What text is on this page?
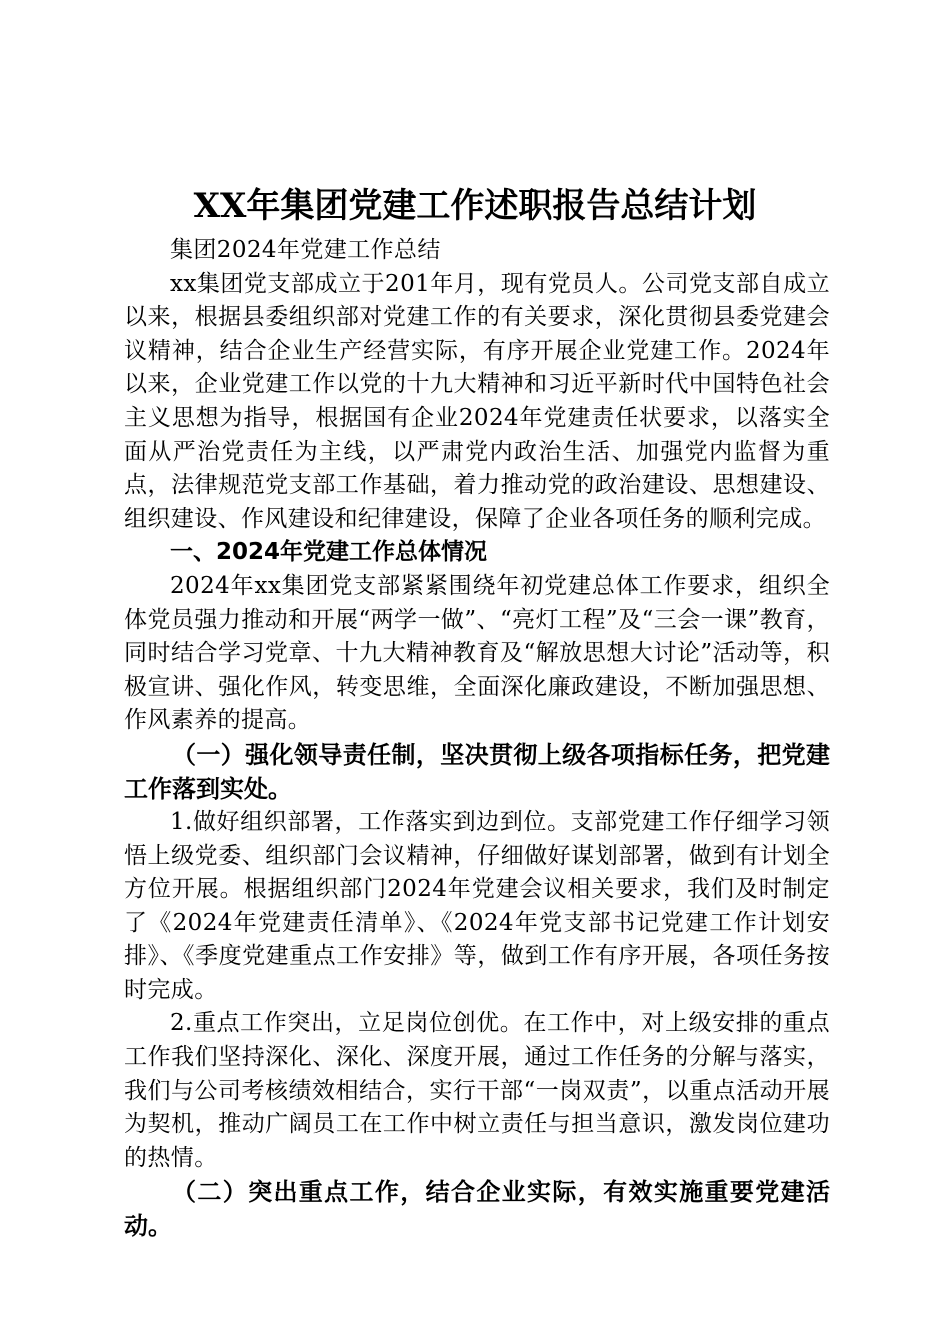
XX年集团党建工作述职报告总结计划

集团2024年党建工作总结

xx集团党支部成立于201年月，现有党员人。公司党支部自成立以来，根据县委组织部对党建工作的有关要求，深化贯彻县委党建会议精神，结合企业生产经营实际，有序开展企业党建工作。2024年以来，企业党建工作以党的十九大精神和习近平新时代中国特色社会主义思想为指导，根据国有企业2024年党建责任状要求，以落实全面从严治党责任为主线，以严肃党内政治生活、加强党内监督为重点，法律规范党支部工作基础，着力推动党的政治建设、思想建设、组织建设、作风建设和纪律建设，保障了企业各项任务的顺利完成。

一、2024年党建工作总体情况

2024年xx集团党支部紧紧围绕年初党建总体工作要求，组织全体党员强力推动和开展“两学一做”、“亮灯工程”及“三会一课”教育，同时结合学习党章、十九大精神教育及“解放思想大讨论”活动等，积极宣讲、强化作风，转变思维，全面深化廉政建设，不断加强思想、作风素养的提高。

（一）强化领导责任制，坚决贯彻上级各项指标任务，把党建工作落到实处。

1.做好组织部署，工作落实到边到位。支部党建工作仔细学习领悟上级党委、组织部门会议精神，仔细做好谋划部署，做到有计划全方位开展。根据组织部门2024年党建会议相关要求，我们及时制定了《2024年党建责任清单》、《2024年党支部书记党建工作计划安排》、《季度党建重点工作安排》等，做到工作有序开展，各项任务按时完成。

2.重点工作突出，立足岗位创优。在工作中，对上级安排的重点工作我们坚持深化、深化、深度开展，通过工作任务的分解与落实，我们与公司考核绩效相结合，实行干部“一岗双责”，以重点活动开展为契机，推动广阔员工在工作中树立责任与担当意识，激发岗位建功的热情。

（二）突出重点工作，结合企业实际，有效实施重要党建活动。
